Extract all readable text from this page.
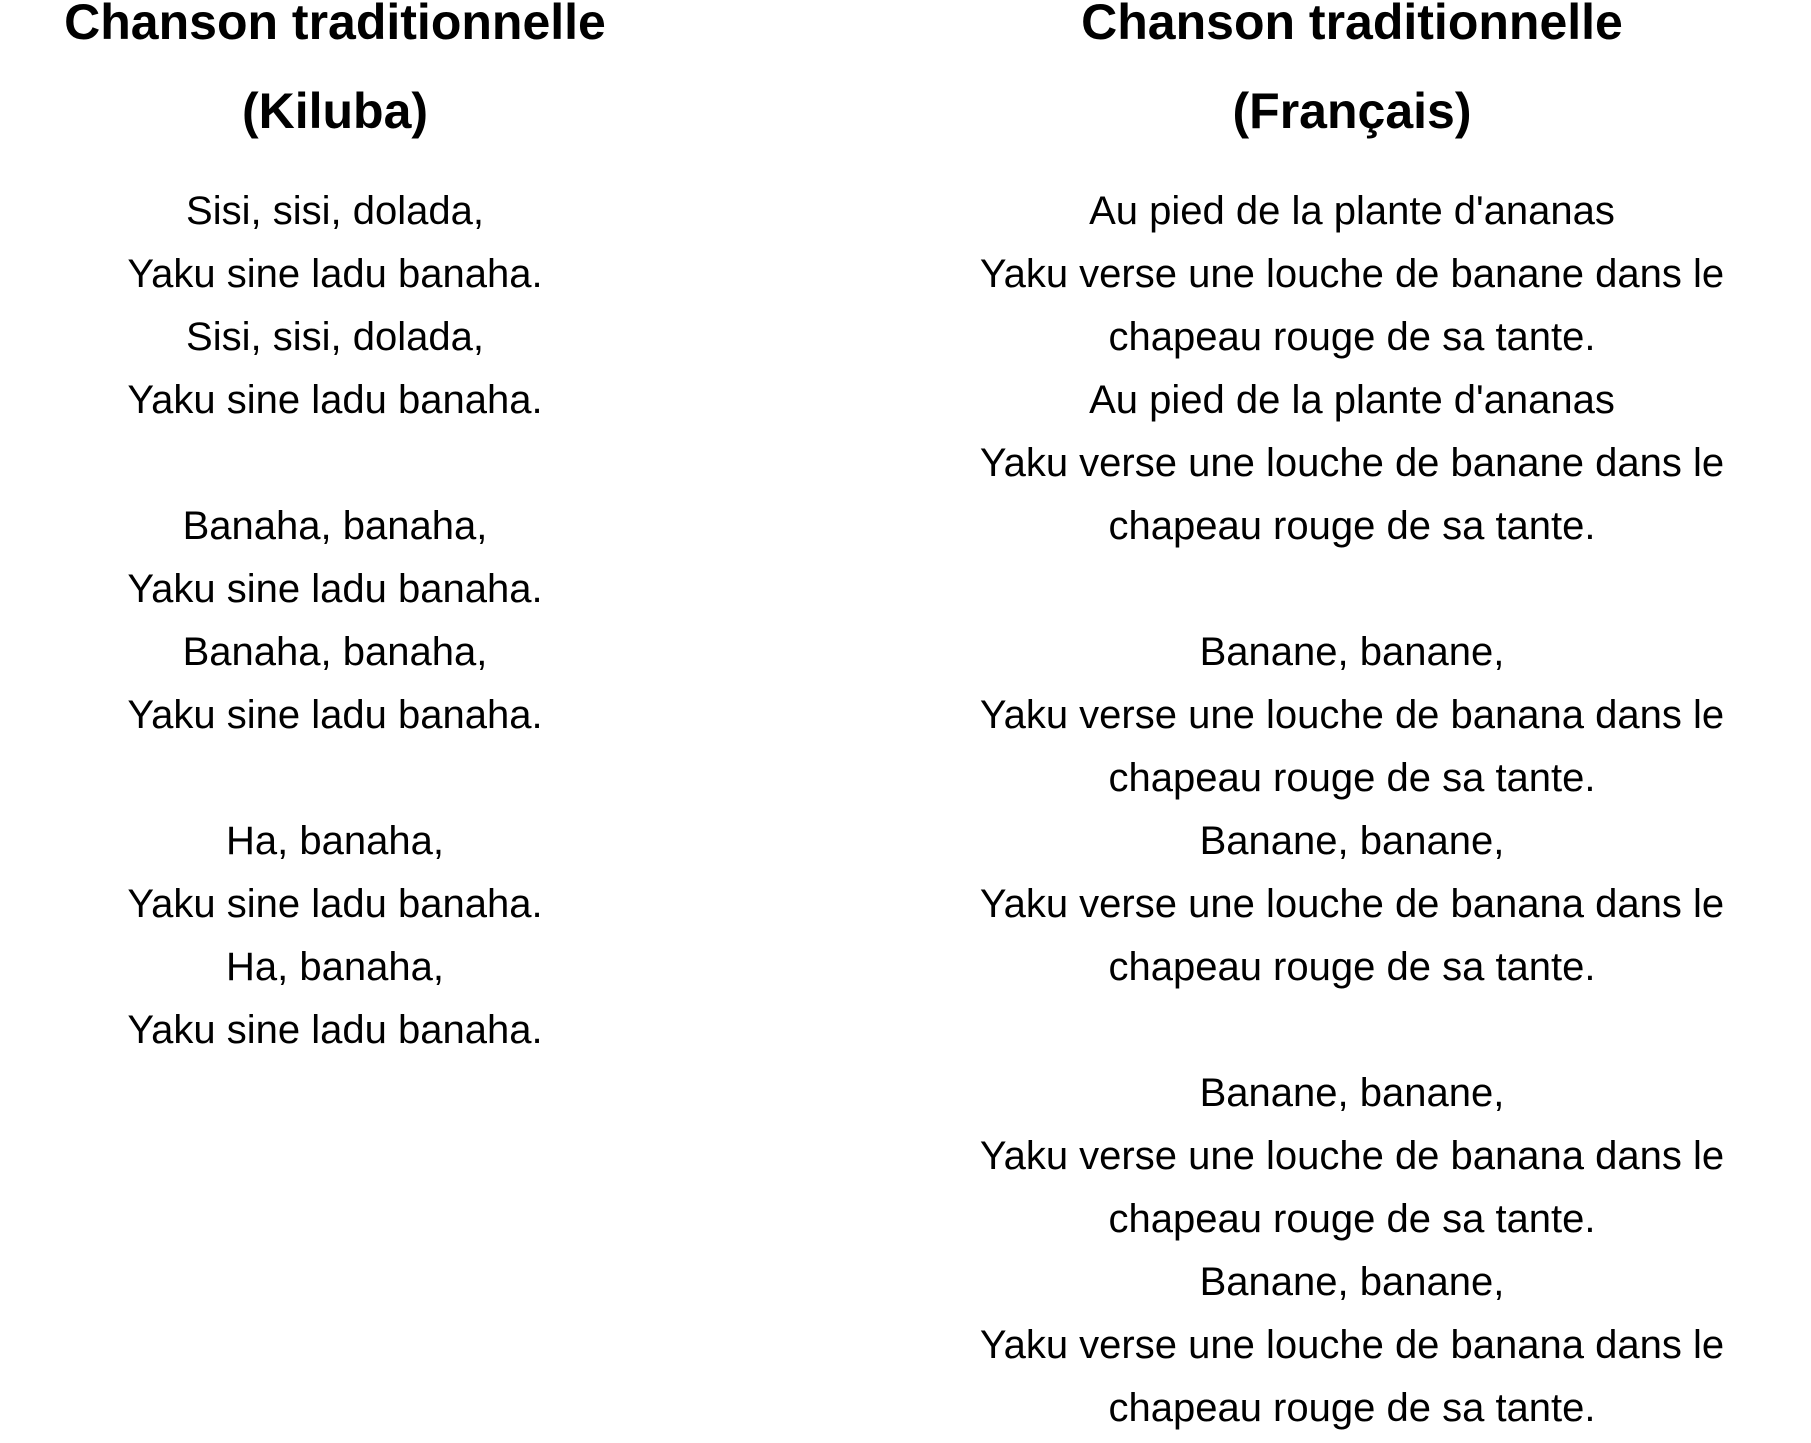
Chanson traditionnelle
(Kiluba)

Sisi, sisi, dolada,
Yaku sine ladu banaha.
Sisi, sisi, dolada,
Yaku sine ladu banaha.

Banaha, banaha,
Yaku sine ladu banaha.
Banaha, banaha,
Yaku sine ladu banaha.

Ha, banaha,
Yaku sine ladu banaha.
Ha, banaha,
Yaku sine ladu banaha.

Chanson traditionnelle
(Français)

Au pied de la plante d'ananas
Yaku verse une louche de banane dans le
chapeau rouge de sa tante.
Au pied de la plante d'ananas
Yaku verse une louche de banane dans le
chapeau rouge de sa tante.

Banane, banane,
Yaku verse une louche de banana dans le
chapeau rouge de sa tante.
Banane, banane,
Yaku verse une louche de banana dans le
chapeau rouge de sa tante.

Banane, banane,
Yaku verse une louche de banana dans le
chapeau rouge de sa tante.
Banane, banane,
Yaku verse une louche de banana dans le
chapeau rouge de sa tante.
